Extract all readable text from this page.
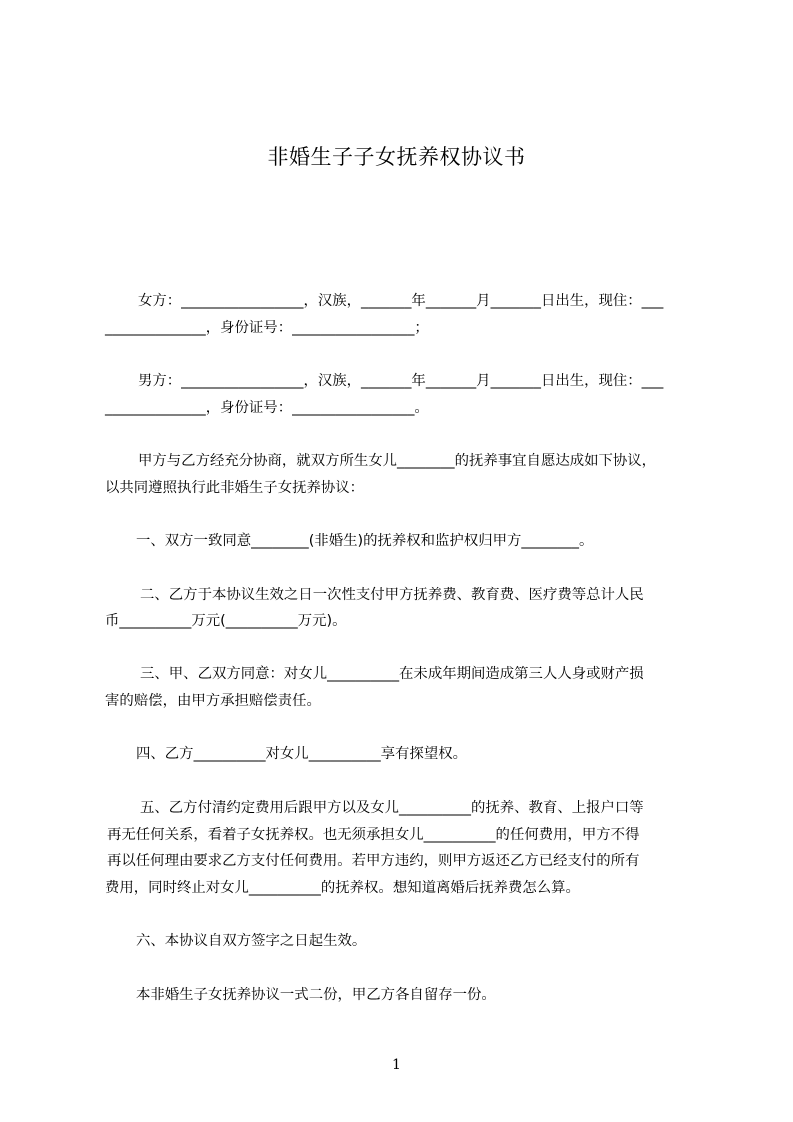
非婚生子子女抚养权协议书
女方：_________________，汉族，_______年_______月_______日出生，现住：___
______________，身份证号：_________________；
男方：_________________，汉族，_______年_______月_______日出生，现住：___
______________，身份证号：_________________。
甲方与乙方经充分协商，就双方所生女儿________的抚养事宜自愿达成如下协议，
以共同遵照执行此非婚生子女抚养协议：
一、双方一致同意________(非婚生)的抚养权和监护权归甲方________。
二、乙方于本协议生效之日一次性支付甲方抚养费、教育费、医疗费等总计人民
币__________万元(__________万元)。
三、甲、乙双方同意：对女儿__________在未成年期间造成第三人人身或财产损
害的赔偿，由甲方承担赔偿责任。
四、乙方__________对女儿__________享有探望权。
五、乙方付清约定费用后跟甲方以及女儿__________的抚养、教育、上报户口等
再无任何关系，看着子女抚养权。也无须承担女儿__________的任何费用，甲方不得
再以任何理由要求乙方支付任何费用。若甲方违约，则甲方返还乙方已经支付的所有
费用，同时终止对女儿__________的抚养权。想知道离婚后抚养费怎么算。
六、本协议自双方签字之日起生效。
本非婚生子女抚养协议一式二份，甲乙方各自留存一份。
1
